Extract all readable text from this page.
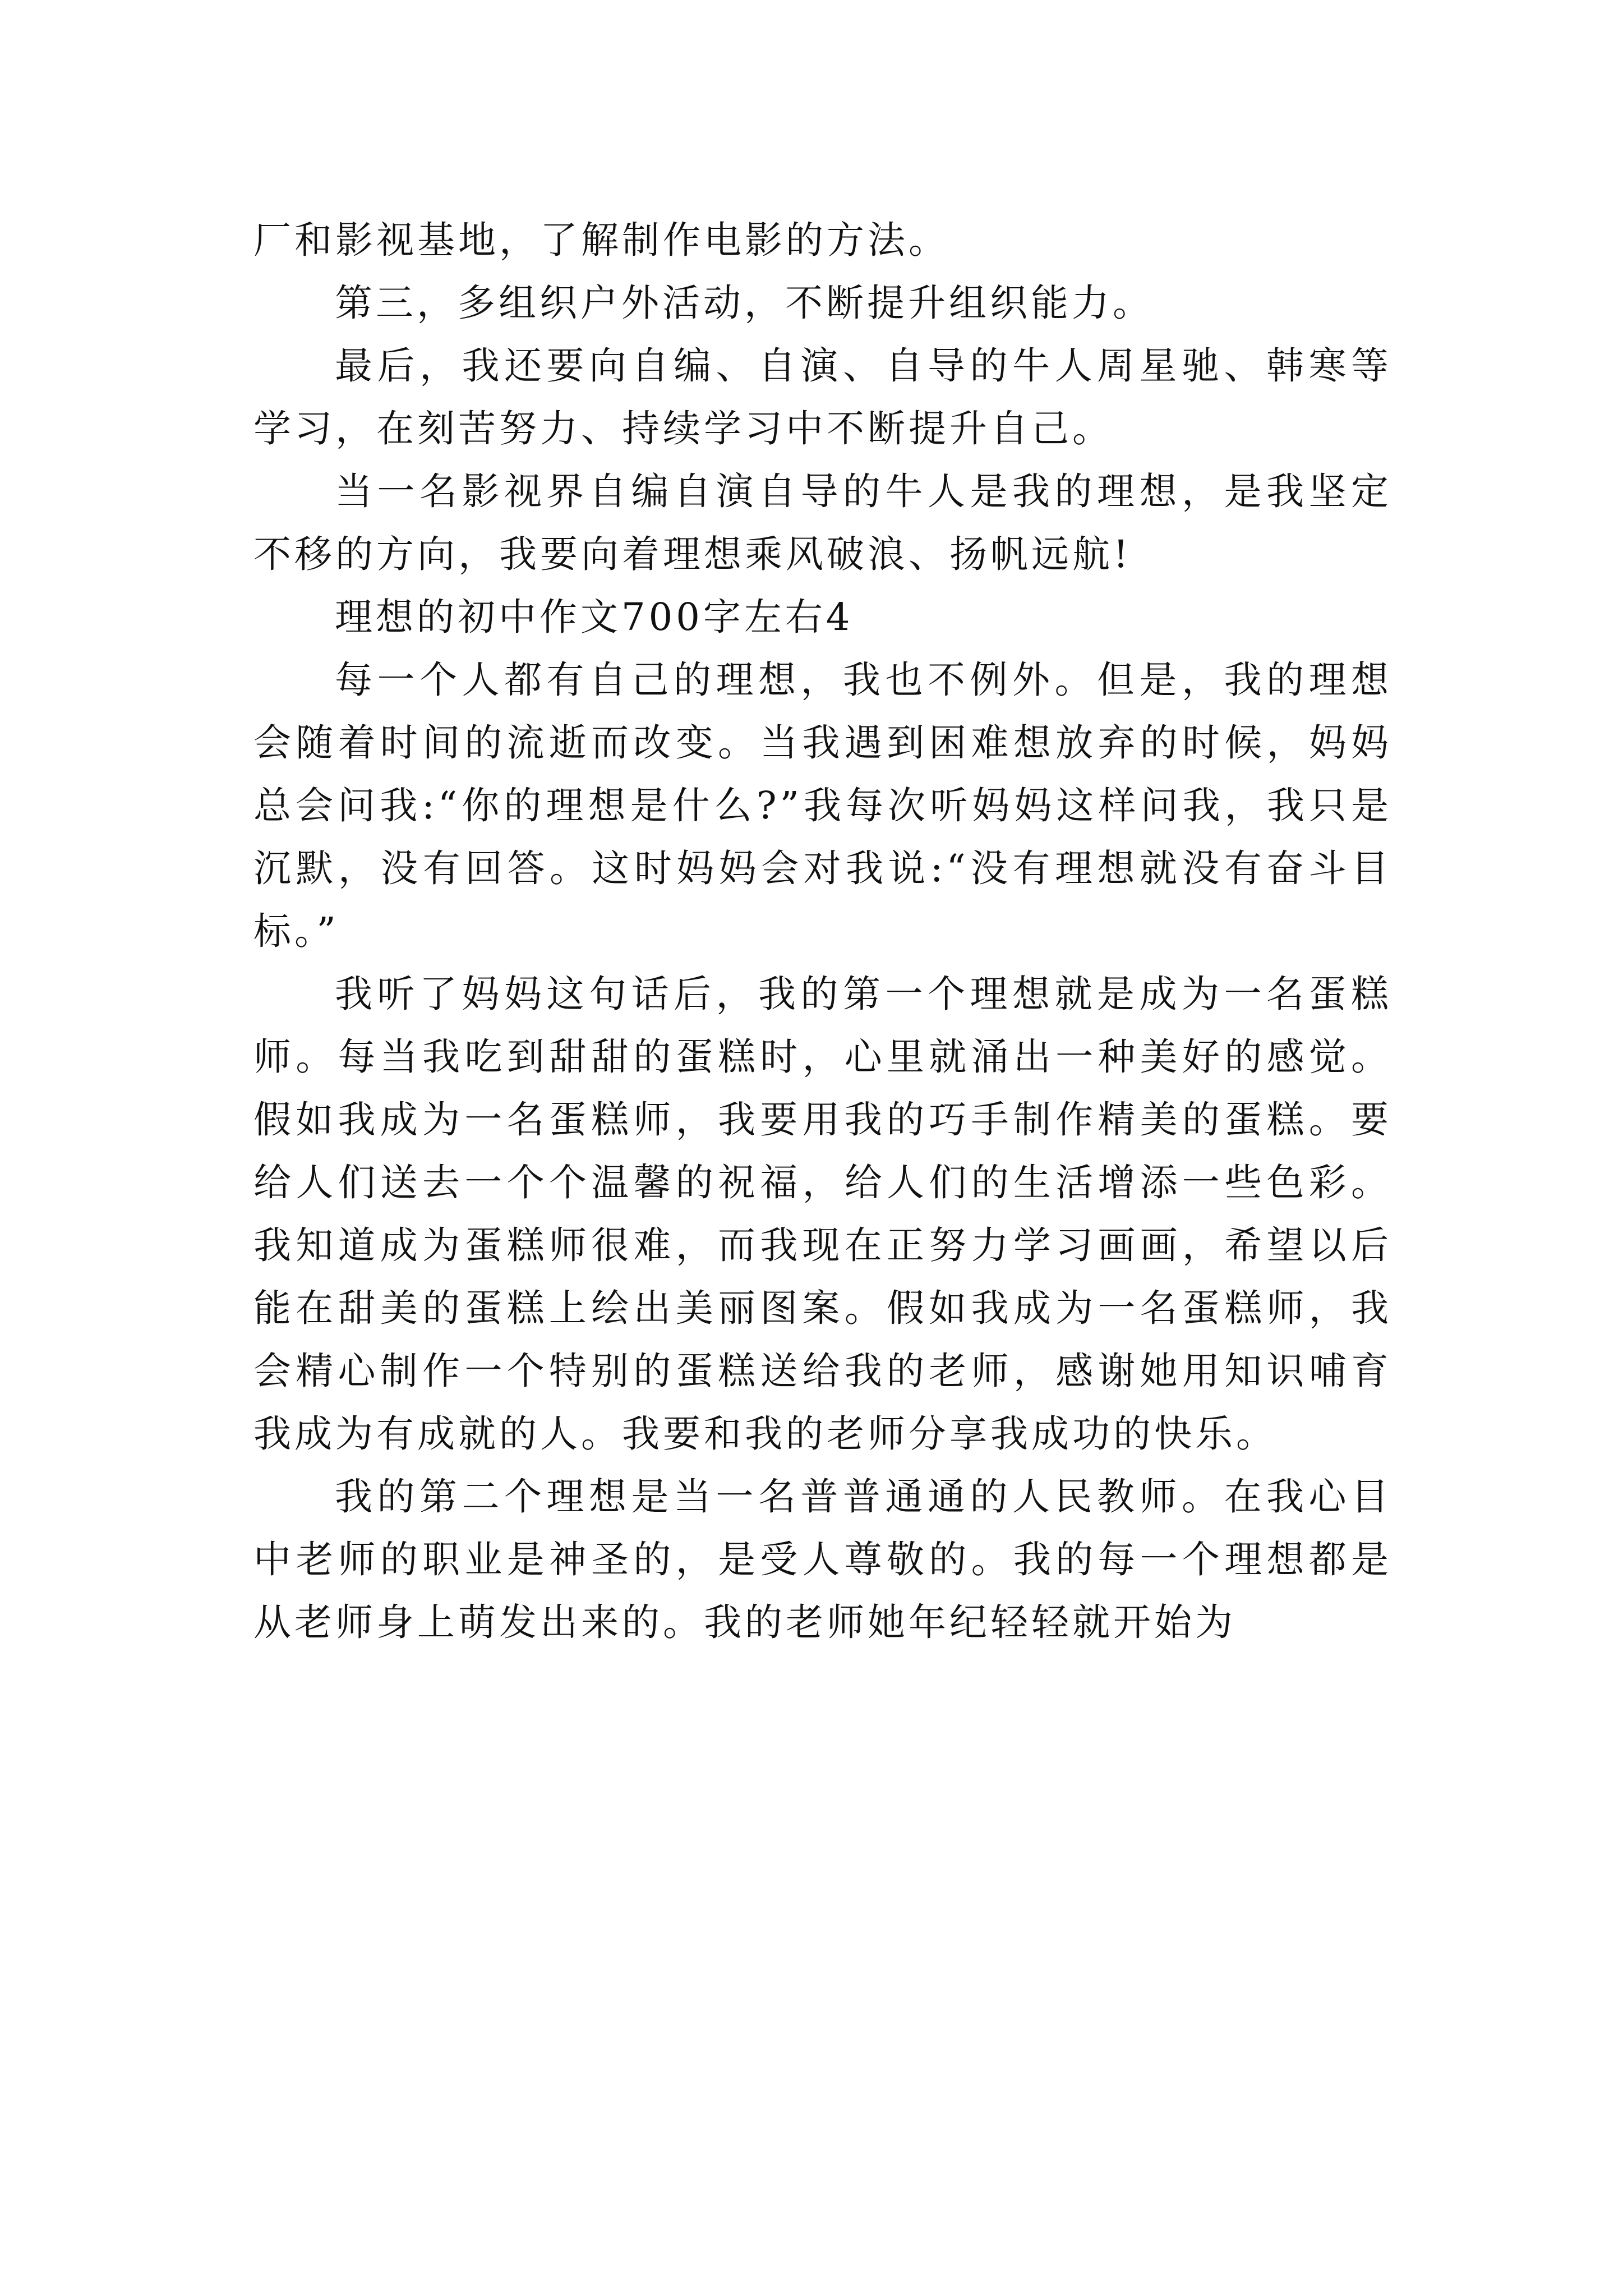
厂和影视基地，了解制作电影的方法。

第三，多组织户外活动，不断提升组织能力。

最后，我还要向自编、自演、自导的牛人周星驰、韩寒等学习，在刻苦努力、持续学习中不断提升自己。

当一名影视界自编自演自导的牛人是我的理想，是我坚定不移的方向，我要向着理想乘风破浪、扬帆远航!

理想的初中作文700字左右4

每一个人都有自己的理想，我也不例外。但是，我的理想会随着时间的流逝而改变。当我遇到困难想放弃的时候，妈妈总会问我:“你的理想是什么?”我每次听妈妈这样问我，我只是沉默，没有回答。这时妈妈会对我说:“没有理想就没有奋斗目标。”

我听了妈妈这句话后，我的第一个理想就是成为一名蛋糕师。每当我吃到甜甜的蛋糕时，心里就涌出一种美好的感觉。假如我成为一名蛋糕师，我要用我的巧手制作精美的蛋糕。要给人们送去一个个温馨的祝福，给人们的生活增添一些色彩。我知道成为蛋糕师很难，而我现在正努力学习画画，希望以后能在甜美的蛋糕上绘出美丽图案。假如我成为一名蛋糕师，我会精心制作一个特别的蛋糕送给我的老师，感谢她用知识哺育我成为有成就的人。我要和我的老师分享我成功的快乐。

我的第二个理想是当一名普普通通的人民教师。在我心目中老师的职业是神圣的，是受人尊敬的。我的每一个理想都是从老师身上萌发出来的。我的老师她年纪轻轻就开始为
